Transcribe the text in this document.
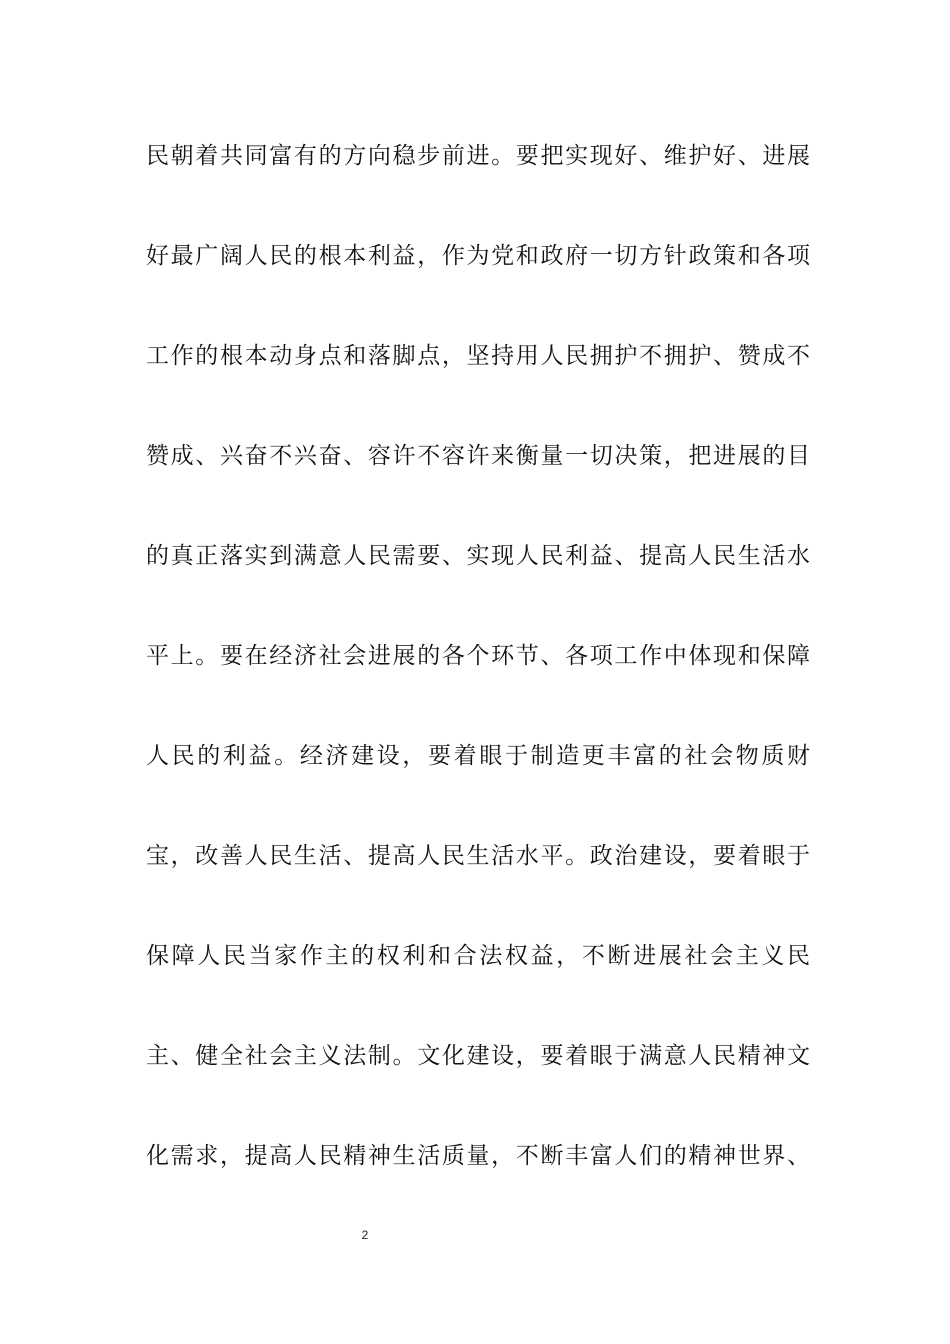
民朝着共同富有的方向稳步前进。要把实现好、维护好、进展
好最广阔人民的根本利益，作为党和政府一切方针政策和各项
工作的根本动身点和落脚点，坚持用人民拥护不拥护、赞成不
赞成、兴奋不兴奋、容许不容许来衡量一切决策，把进展的目
的真正落实到满意人民需要、实现人民利益、提高人民生活水
平上。要在经济社会进展的各个环节、各项工作中体现和保障
人民的利益。经济建设，要着眼于制造更丰富的社会物质财
宝，改善人民生活、提高人民生活水平。政治建设，要着眼于
保障人民当家作主的权利和合法权益，不断进展社会主义民
主、健全社会主义法制。文化建设，要着眼于满意人民精神文
化需求，提高人民精神生活质量，不断丰富人们的精神世界、
2
